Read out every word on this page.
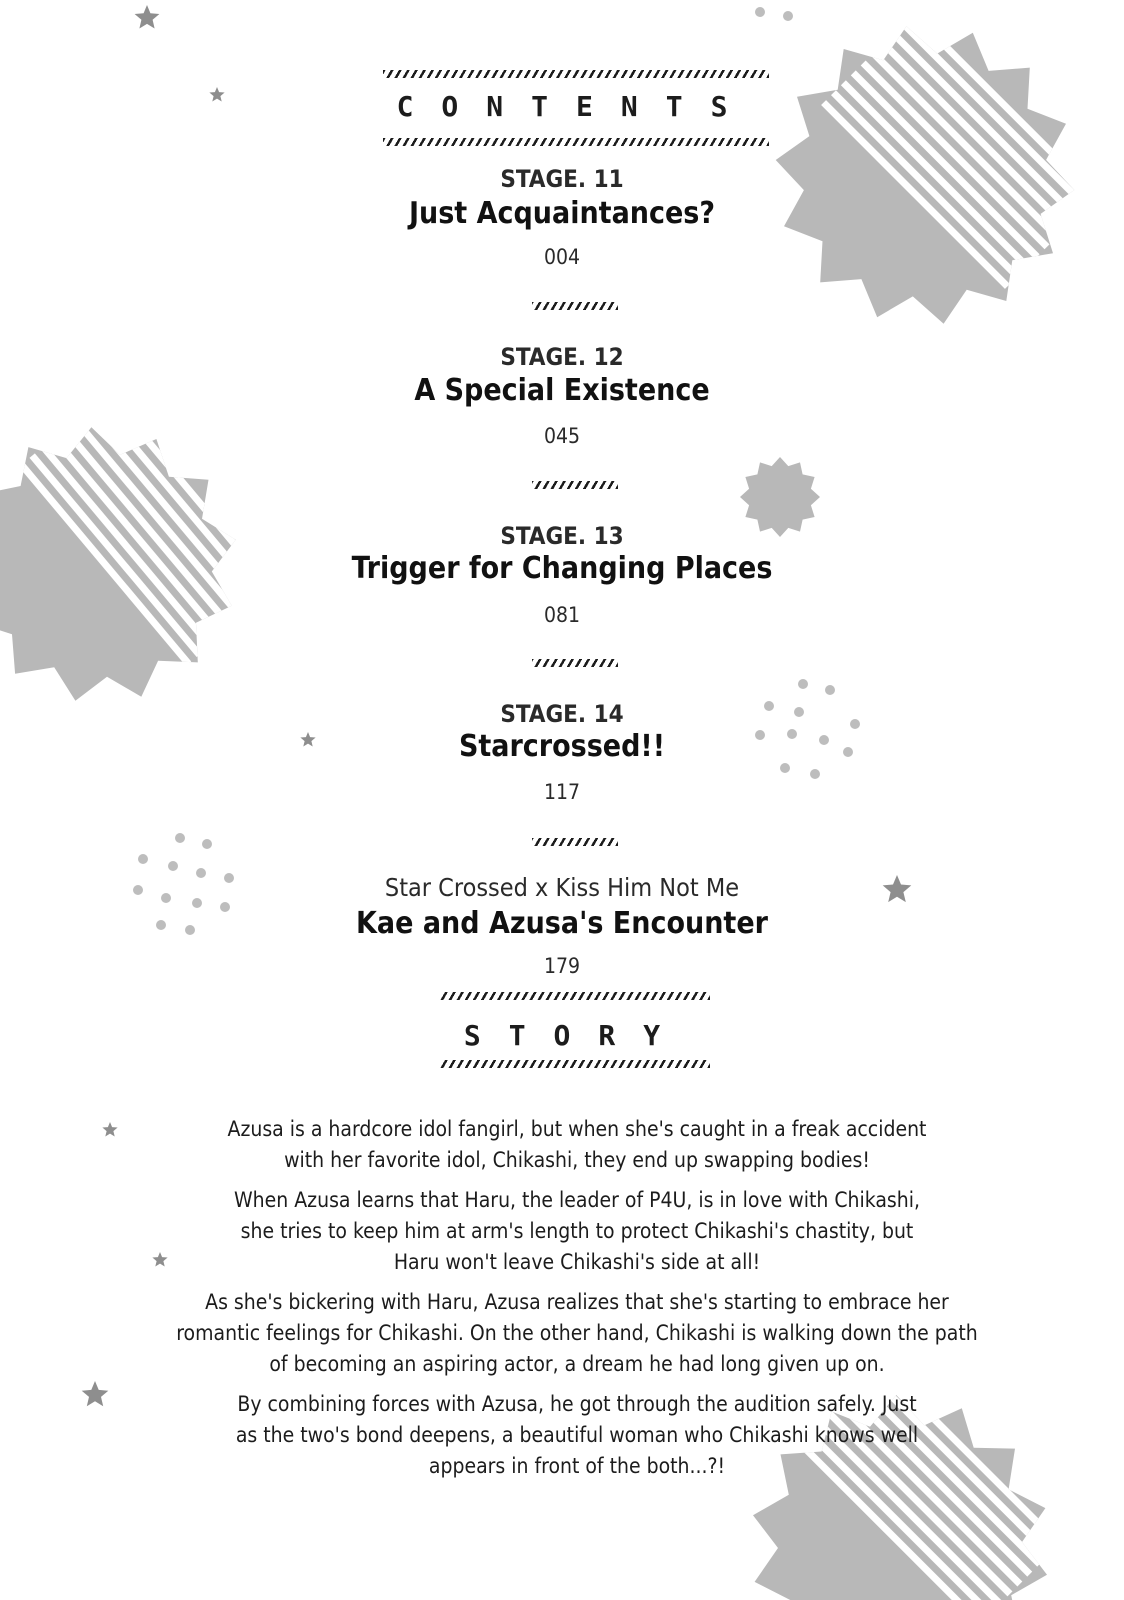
CONTENTS
STAGE. 11
Just Acquaintances?
004
STAGE. 12
A Special Existence
045
STAGE. 13
Trigger for Changing Places
081
STAGE. 14
Starcrossed!!
117
Star Crossed x Kiss Him Not Me
Kae and Azusa's Encounter
179
STORY

Azusa is a hardcore idol fangirl, but when she's caught in a freak accident with her favorite idol, Chikashi, they end up swapping bodies!

When Azusa learns that Haru, the leader of P4U, is in love with Chikashi, she tries to keep him at arm's length to protect Chikashi's chastity, but Haru won't leave Chikashi's side at all!

As she's bickering with Haru, Azusa realizes that she's starting to embrace her romantic feelings for Chikashi. On the other hand, Chikashi is walking down the path of becoming an aspiring actor, a dream he had long given up on.

By combining forces with Azusa, he got through the audition safely. Just as the two's bond deepens, a beautiful woman who Chikashi knows well appears in front of the both...?!
